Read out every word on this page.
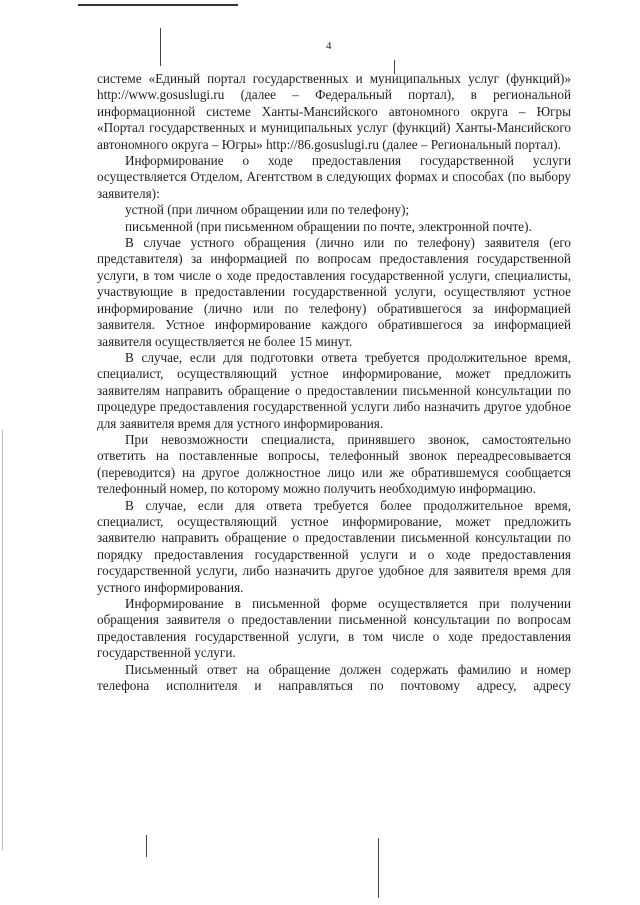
4

системе «Единый портал государственных и муниципальных услуг (функций)» http://www.gosuslugi.ru (далее – Федеральный портал), в региональной информационной системе Ханты-Мансийского автономного округа – Югры «Портал государственных и муниципальных услуг (функций) Ханты-Мансийского автономного округа – Югры» http://86.gosuslugi.ru (далее – Региональный портал).

Информирование о ходе предоставления государственной услуги осуществляется Отделом, Агентством в следующих формах и способах (по выбору заявителя):

устной (при личном обращении или по телефону);

письменной (при письменном обращении по почте, электронной почте).

В случае устного обращения (лично или по телефону) заявителя (его представителя) за информацией по вопросам предоставления государственной услуги, в том числе о ходе предоставления государственной услуги, специалисты, участвующие в предоставлении государственной услуги, осуществляют устное информирование (лично или по телефону) обратившегося за информацией заявителя. Устное информирование каждого обратившегося за информацией заявителя осуществляется не более 15 минут.

В случае, если для подготовки ответа требуется продолжительное время, специалист, осуществляющий устное информирование, может предложить заявителям направить обращение о предоставлении письменной консультации по процедуре предоставления государственной услуги либо назначить другое удобное для заявителя время для устного информирования.

При невозможности специалиста, принявшего звонок, самостоятельно ответить на поставленные вопросы, телефонный звонок переадресовывается (переводится) на другое должностное лицо или же обратившемуся сообщается телефонный номер, по которому можно получить необходимую информацию.

В случае, если для ответа требуется более продолжительное время, специалист, осуществляющий устное информирование, может предложить заявителю направить обращение о предоставлении письменной консультации по порядку предоставления государственной услуги и о ходе предоставления государственной услуги, либо назначить другое удобное для заявителя время для устного информирования.

Информирование в письменной форме осуществляется при получении обращения заявителя о предоставлении письменной консультации по вопросам предоставления государственной услуги, в том числе о ходе предоставления государственной услуги.

Письменный ответ на обращение должен содержать фамилию и номер телефона исполнителя и направляться по почтовому адресу, адресу
